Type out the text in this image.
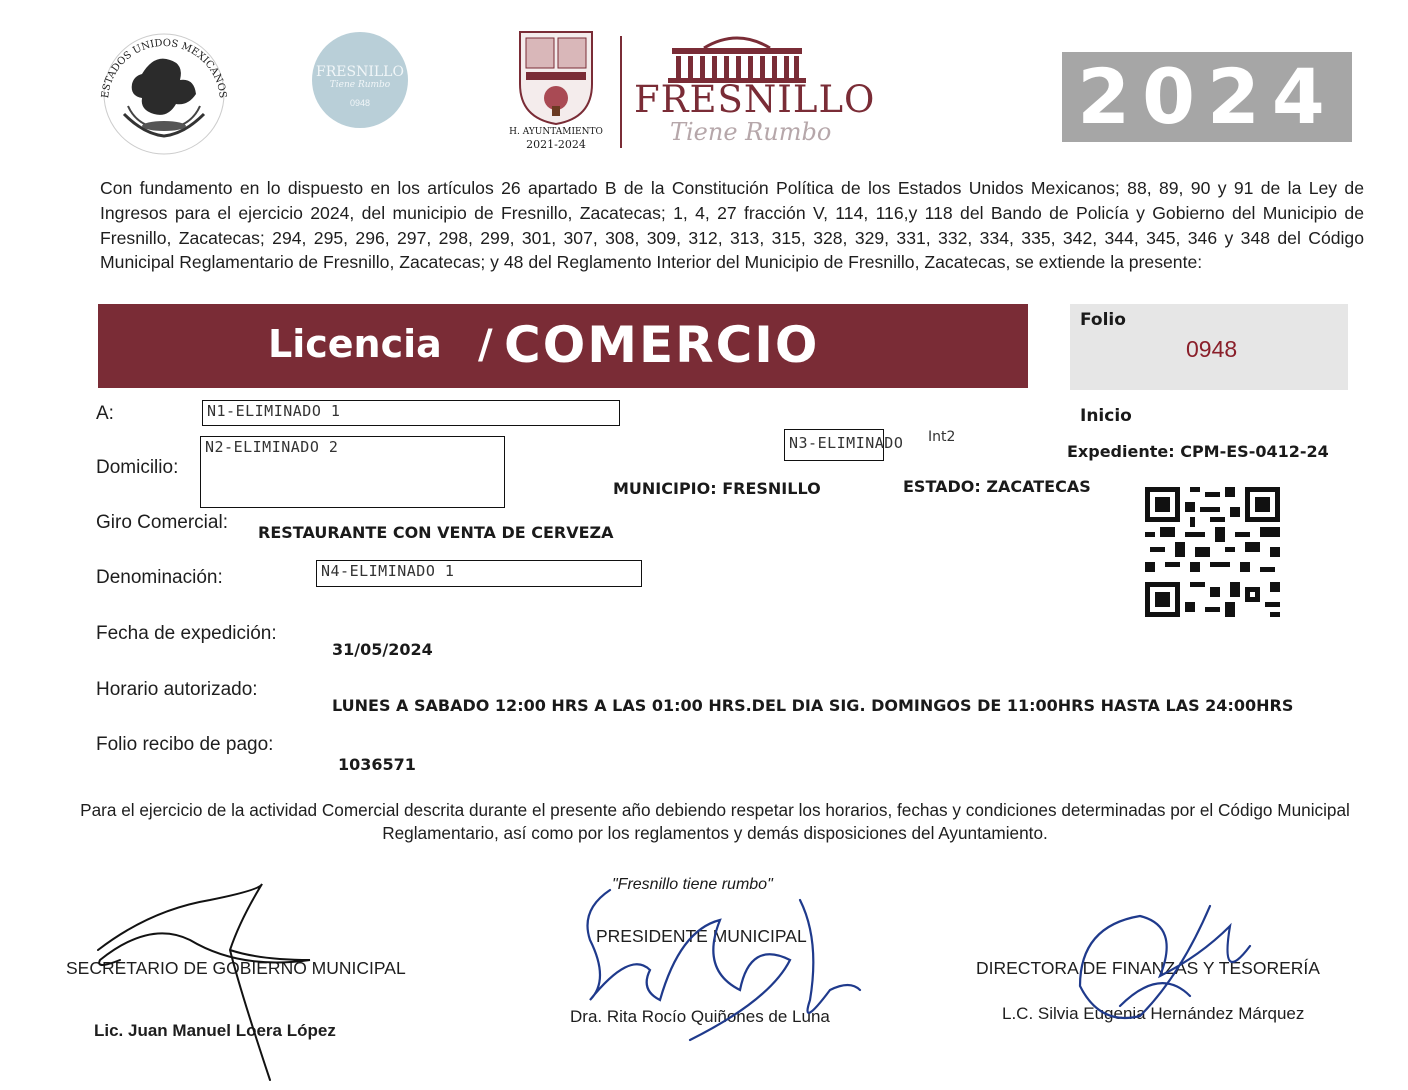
ESTADOS UNIDOS MEXICANOS
FRESNILLO
Tiene Rumbo
0948
H. AYUNTAMIENTO
2021-2024
FRESNILLO
Tiene Rumbo	2024
Con fundamento en lo dispuesto en los artículos 26 apartado B de la Constitución Política de los Estados Unidos Mexicanos; 88, 89, 90 y 91 de la Ley de Ingresos para el ejercicio 2024, del municipio de Fresnillo, Zacatecas; 1, 4, 27 fracción V, 114, 116,y 118 del Bando de Policía y Gobierno del Municipio de Fresnillo, Zacatecas; 294, 295, 296, 297, 298, 299, 301, 307, 308, 309, 312, 313, 315, 328, 329, 331, 332, 334, 335, 342, 344, 345, 346 y 348 del Código Municipal Reglamentario de Fresnillo, Zacatecas; y 48 del Reglamento Interior del Municipio de Fresnillo, Zacatecas, se extiende la presente:
Licencia / COMERCIO	Folio
0948
A:	N1-ELIMINADO 1
Domicilio:
N2-ELIMINADO 2	N3-ELIMINADO Int2
MUNICIPIO: FRESNILLO	ESTADO: ZACATECAS
Inicio
Expediente: CPM-ES-0412-24
Giro Comercial: RESTAURANTE CON VENTA DE CERVEZA
Denominación:	N4-ELIMINADO 1
Fecha de expedición:
31/05/2024
Horario autorizado:
LUNES A SABADO 12:00 HRS A LAS 01:00 HRS.DEL DIA SIG. DOMINGOS DE 11:00HRS HASTA LAS 24:00HRS
Folio recibo de pago:
1036571
Para el ejercicio de la actividad Comercial descrita durante el presente año debiendo respetar los horarios, fechas y condiciones determinadas por el Código Municipal Reglamentario, así como por los reglamentos y demás disposiciones del Ayuntamiento.
"Fresnillo tiene rumbo"
SECRETARIO DE GOBIERNO MUNICIPAL
Lic. Juan Manuel Loera López
PRESIDENTE MUNICIPAL
Dra. Rita Rocío Quiñones de Luna
DIRECTORA DE FINANZAS Y TESORERÍA
L.C. Silvia Eugenia Hernández Márquez
